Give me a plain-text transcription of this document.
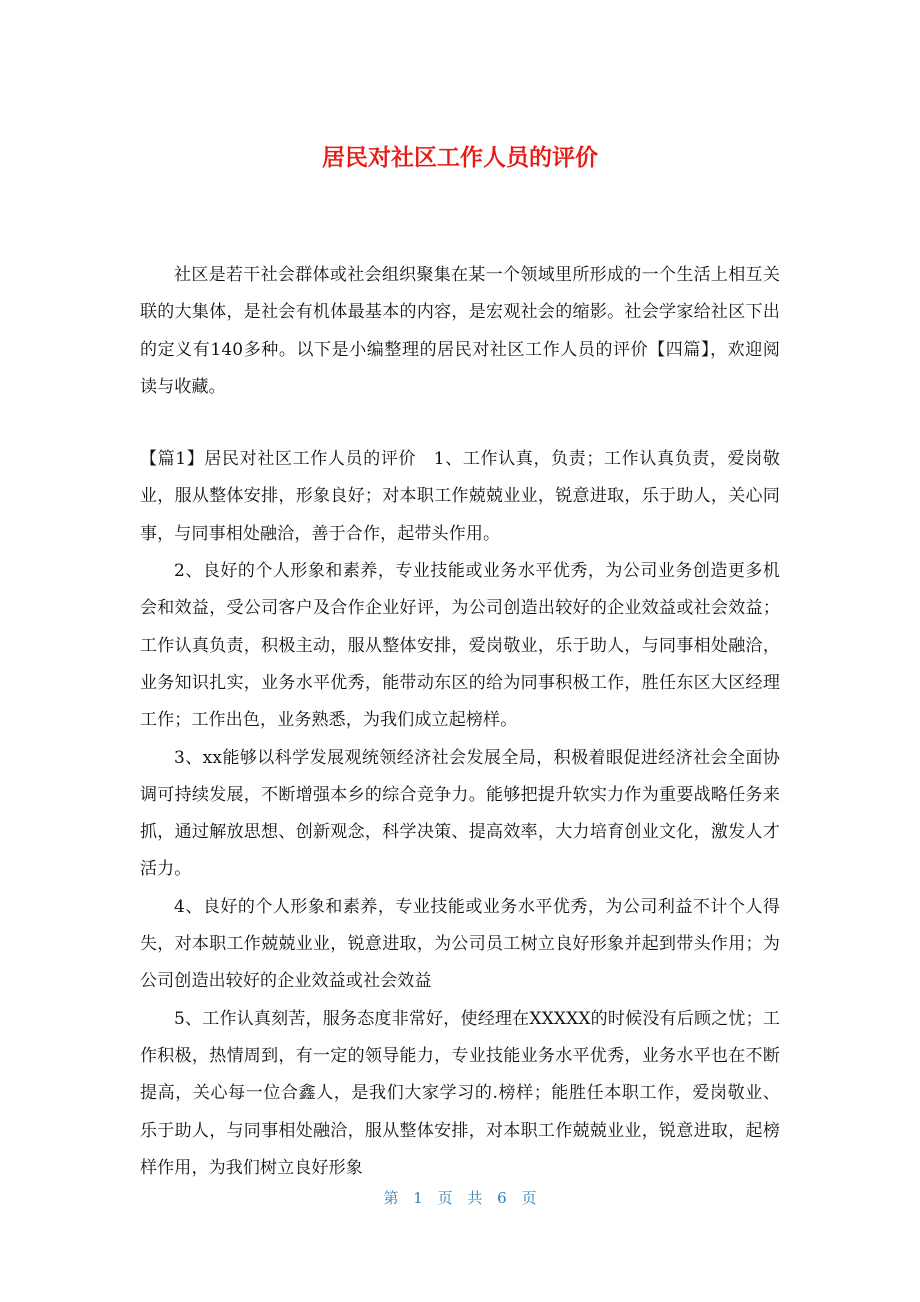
居民对社区工作人员的评价

社区是若干社会群体或社会组织聚集在某一个领域里所形成的一个生活上相互关联的大集体，是社会有机体最基本的内容，是宏观社会的缩影。社会学家给社区下出的定义有140多种。以下是小编整理的居民对社区工作人员的评价【四篇】，欢迎阅读与收藏。

【篇1】居民对社区工作人员的评价　1、工作认真，负责；工作认真负责，爱岗敬业，服从整体安排，形象良好；对本职工作兢兢业业，锐意进取，乐于助人，关心同事，与同事相处融洽，善于合作，起带头作用。

2、良好的个人形象和素养，专业技能或业务水平优秀，为公司业务创造更多机会和效益，受公司客户及合作企业好评，为公司创造出较好的企业效益或社会效益；工作认真负责，积极主动，服从整体安排，爱岗敬业，乐于助人，与同事相处融洽，业务知识扎实，业务水平优秀，能带动东区的给为同事积极工作，胜任东区大区经理工作；工作出色，业务熟悉，为我们成立起榜样。

3、xx能够以科学发展观统领经济社会发展全局，积极着眼促进经济社会全面协调可持续发展，不断增强本乡的综合竞争力。能够把提升软实力作为重要战略任务来抓，通过解放思想、创新观念，科学决策、提高效率，大力培育创业文化，激发人才活力。

4、良好的个人形象和素养，专业技能或业务水平优秀，为公司利益不计个人得失，对本职工作兢兢业业，锐意进取，为公司员工树立良好形象并起到带头作用；为公司创造出较好的企业效益或社会效益

5、工作认真刻苦，服务态度非常好，使经理在XXXXX的时候没有后顾之忧；工作积极，热情周到，有一定的领导能力，专业技能业务水平优秀，业务水平也在不断提高，关心每一位合鑫人，是我们大家学习的.榜样；能胜任本职工作，爱岗敬业、乐于助人，与同事相处融洽，服从整体安排，对本职工作兢兢业业，锐意进取，起榜样作用，为我们树立良好形象

第 1 页 共 6 页
